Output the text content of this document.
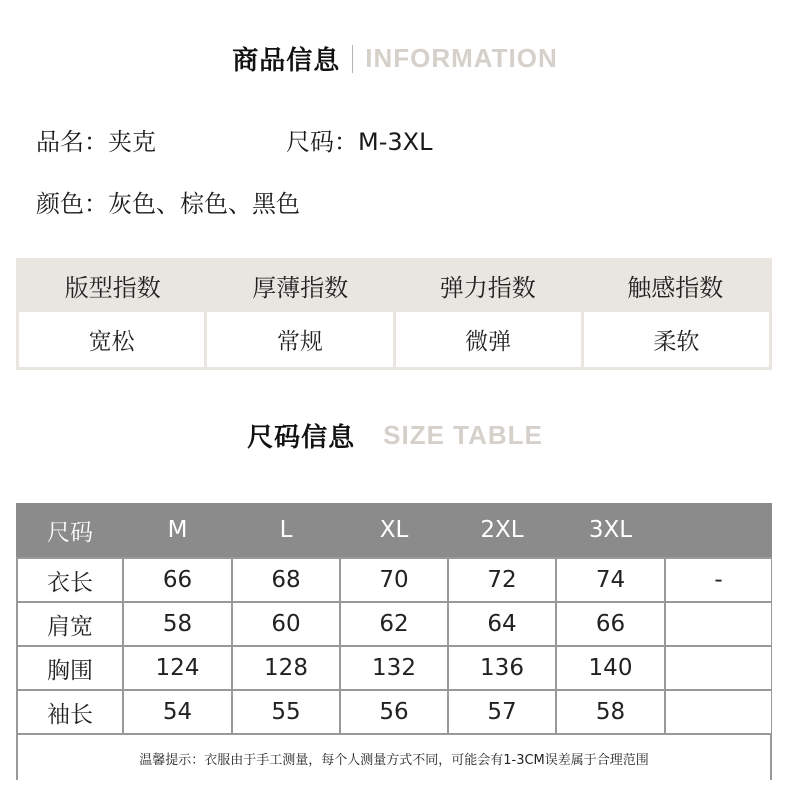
商品信息 INFORMATION
品名：夹克	尺码：M-3XL
颜色：灰色、棕色、黑色
版型指数	厚薄指数	弹力指数	触感指数
宽松	常规	微弹	柔软
尺码信息 SIZE TABLE
尺码	M	L	XL	2XL	3XL
衣长	66	68	70	72	74	-
肩宽	58	60	62	64	66
胸围	124	128	132	136	140
袖长	54	55	56	57	58
温馨提示：衣服由于手工测量，每个人测量方式不同，可能会有1-3CM误差属于合理范围
